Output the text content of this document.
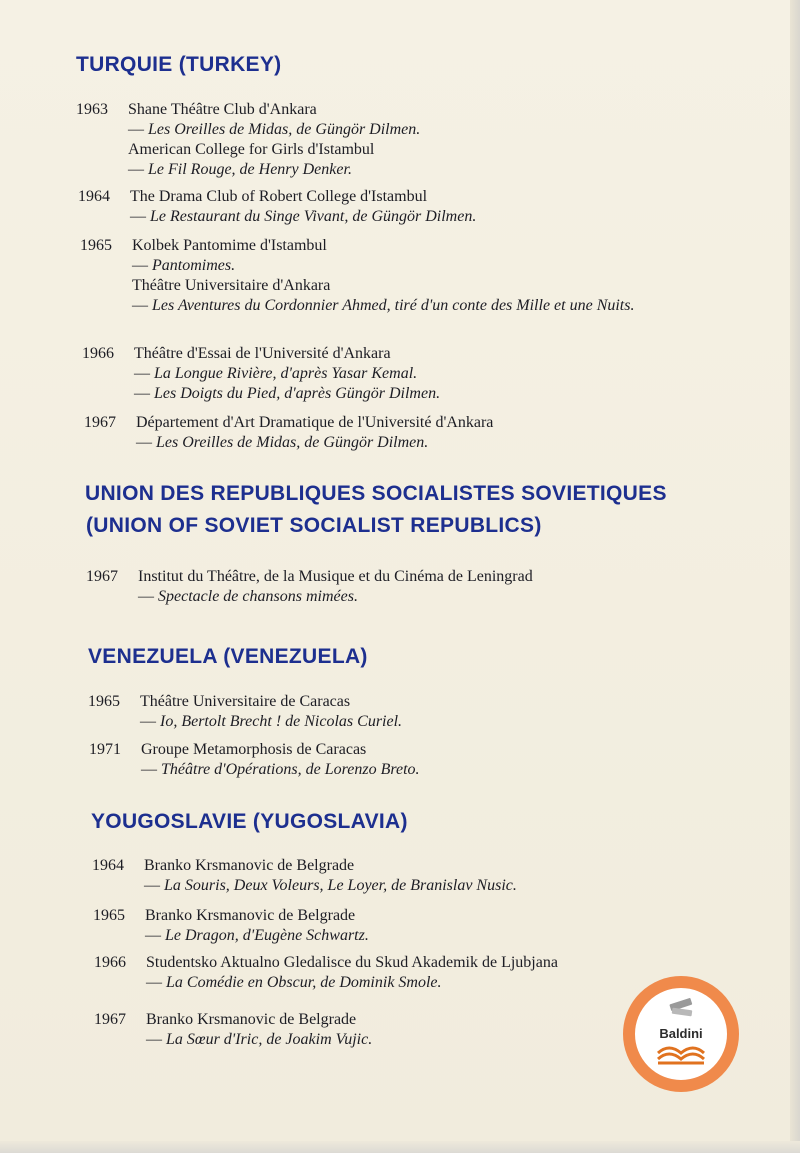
TURQUIE (TURKEY)
1963	Shane Théâtre Club d'Ankara
— Les Oreilles de Midas, de Güngör Dilmen.
American College for Girls d'Istambul
— Le Fil Rouge, de Henry Denker.
1964	The Drama Club of Robert College d'Istambul
— Le Restaurant du Singe Vivant, de Güngör Dilmen.
1965	Kolbek Pantomime d'Istambul
— Pantomimes.
Théâtre Universitaire d'Ankara
— Les Aventures du Cordonnier Ahmed, tiré d'un conte des Mille et une Nuits.
1966	Théâtre d'Essai de l'Université d'Ankara
— La Longue Rivière, d'après Yasar Kemal.
— Les Doigts du Pied, d'après Güngör Dilmen.
1967	Département d'Art Dramatique de l'Université d'Ankara
— Les Oreilles de Midas, de Güngör Dilmen.
UNION DES REPUBLIQUES SOCIALISTES SOVIETIQUES
(UNION OF SOVIET SOCIALIST REPUBLICS)
1967	Institut du Théâtre, de la Musique et du Cinéma de Leningrad
— Spectacle de chansons mimées.
VENEZUELA (VENEZUELA)
1965	Théâtre Universitaire de Caracas
— Io, Bertolt Brecht ! de Nicolas Curiel.
1971	Groupe Metamorphosis de Caracas
— Théâtre d'Opérations, de Lorenzo Breto.
YOUGOSLAVIE (YUGOSLAVIA)
1964	Branko Krsmanovic de Belgrade
— La Souris, Deux Voleurs, Le Loyer, de Branislav Nusic.
1965	Branko Krsmanovic de Belgrade
— Le Dragon, d'Eugène Schwartz.
1966	Studentsko Aktualno Gledalisce du Skud Akademik de Ljubjana
— La Comédie en Obscur, de Dominik Smole.
1967	Branko Krsmanovic de Belgrade
— La Sœur d'Iric, de Joakim Vujic.	Baldini
